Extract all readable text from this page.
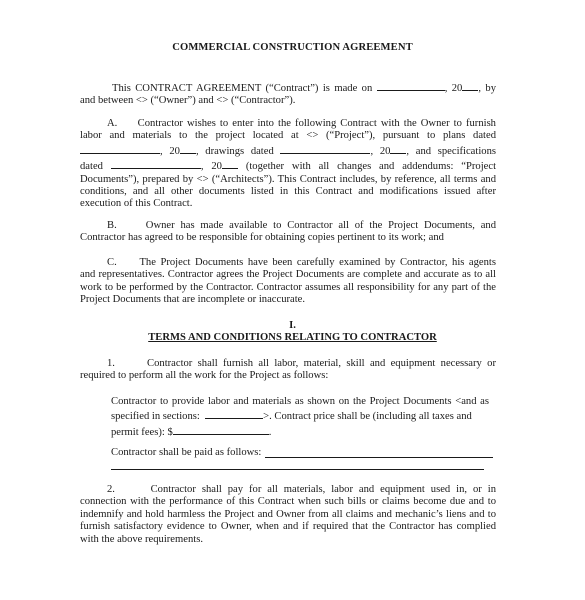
COMMERCIAL CONSTRUCTION AGREEMENT
This CONTRACT AGREEMENT (“Contract”) is made on	, 20 , by
and between <> (“Owner”) and <> (“Contractor”).
A. Contractor wishes to enter into the following Contract with the Owner to furnish
labor and materials to the project located at <> (“Project”), pursuant to plans dated
, 20 , drawings dated	, 20 , and specifications
dated	, 20 (together with all changes and addendums: “Project
Documents”), prepared by <> (“Architects”). This Contract includes, by reference, all terms and
conditions, and all other documents listed in this Contract and modifications issued after
execution of this Contract.
B.	Owner has made available to Contractor all of the Project Documents, and
Contractor has agreed to be responsible for obtaining copies pertinent to its work; and
C. The Project Documents have been carefully examined by Contractor, his agents
and representatives. Contractor agrees the Project Documents are complete and accurate as to all
work to be performed by the Contractor. Contractor assumes all responsibility for any part of the
Project Documents that are incomplete or inaccurate.
I.
TERMS AND CONDITIONS RELATING TO CONTRACTOR
1.	Contractor shall furnish all labor, material, skill and equipment necessary or
required to perform all the work for the Project as follows:
Contractor to provide labor and materials as shown on the Project Documents <and as
specified in sections:	>. Contract price shall be (including all taxes and
permit fees): $	.
Contractor shall be paid as follows:
2.	Contractor shall pay for all materials, labor and equipment used in, or in
connection with the performance of this Contract when such bills or claims become due and to
indemnify and hold harmless the Project and Owner from all claims and mechanic’s liens and to
furnish satisfactory evidence to Owner, when and if required that the Contractor has complied
with the above requirements.
